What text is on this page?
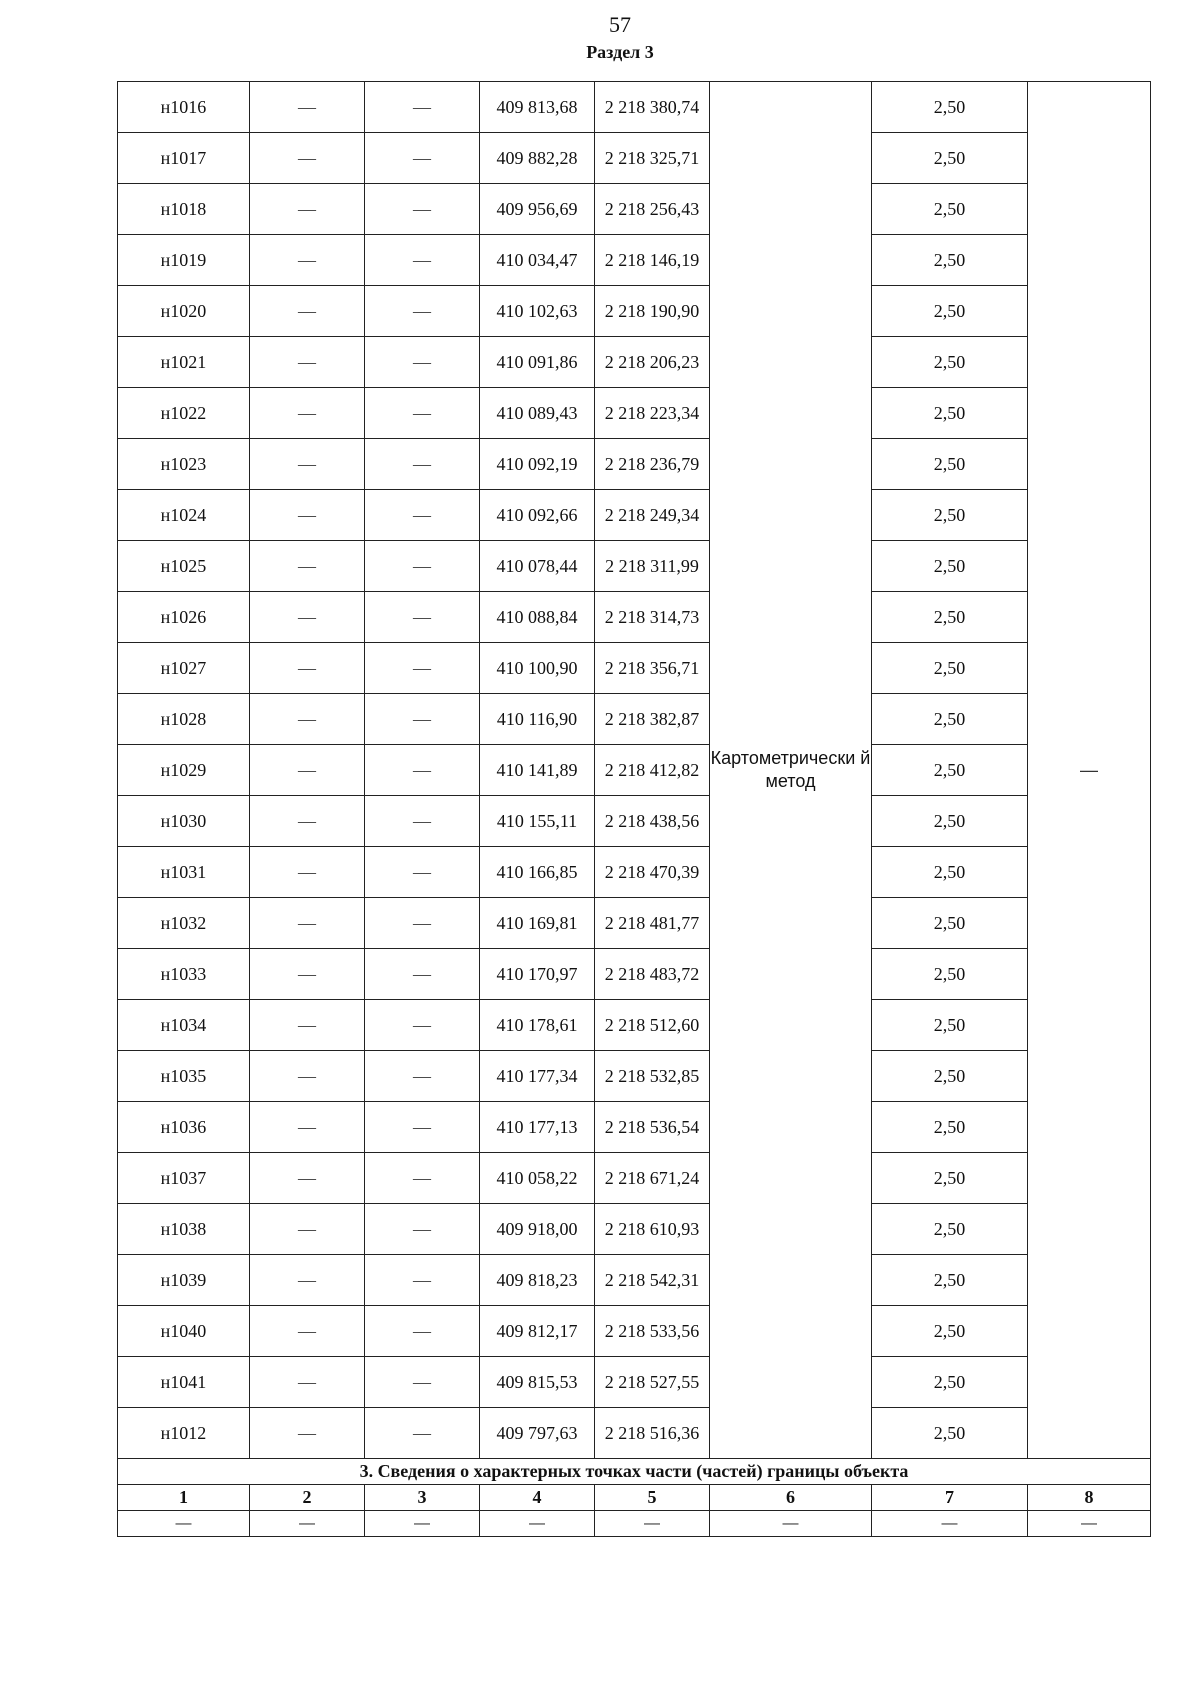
57
Раздел 3
н1016	—	—	409 813,68	2 218 380,74	Картометрически й метод	2,50	—
н1017	—	—	409 882,28	2 218 325,71		2,50	
н1018	—	—	409 956,69	2 218 256,43		2,50	
н1019	—	—	410 034,47	2 218 146,19		2,50	
н1020	—	—	410 102,63	2 218 190,90		2,50	
н1021	—	—	410 091,86	2 218 206,23		2,50	
н1022	—	—	410 089,43	2 218 223,34		2,50	
н1023	—	—	410 092,19	2 218 236,79		2,50	
н1024	—	—	410 092,66	2 218 249,34		2,50	
н1025	—	—	410 078,44	2 218 311,99		2,50	
н1026	—	—	410 088,84	2 218 314,73		2,50	
н1027	—	—	410 100,90	2 218 356,71		2,50	
н1028	—	—	410 116,90	2 218 382,87		2,50	
н1029	—	—	410 141,89	2 218 412,82		2,50	
н1030	—	—	410 155,11	2 218 438,56		2,50	
н1031	—	—	410 166,85	2 218 470,39		2,50	
н1032	—	—	410 169,81	2 218 481,77		2,50	
н1033	—	—	410 170,97	2 218 483,72		2,50	
н1034	—	—	410 178,61	2 218 512,60		2,50	
н1035	—	—	410 177,34	2 218 532,85		2,50	
н1036	—	—	410 177,13	2 218 536,54		2,50	
н1037	—	—	410 058,22	2 218 671,24		2,50	
н1038	—	—	409 918,00	2 218 610,93		2,50	
н1039	—	—	409 818,23	2 218 542,31		2,50	
н1040	—	—	409 812,17	2 218 533,56		2,50	
н1041	—	—	409 815,53	2 218 527,55		2,50	
н1012	—	—	409 797,63	2 218 516,36		2,50	
3. Сведения о характерных точках части (частей) границы объекта							
1	2	3	4	5	6	7	8
—	—	—	—	—	—	—	—
